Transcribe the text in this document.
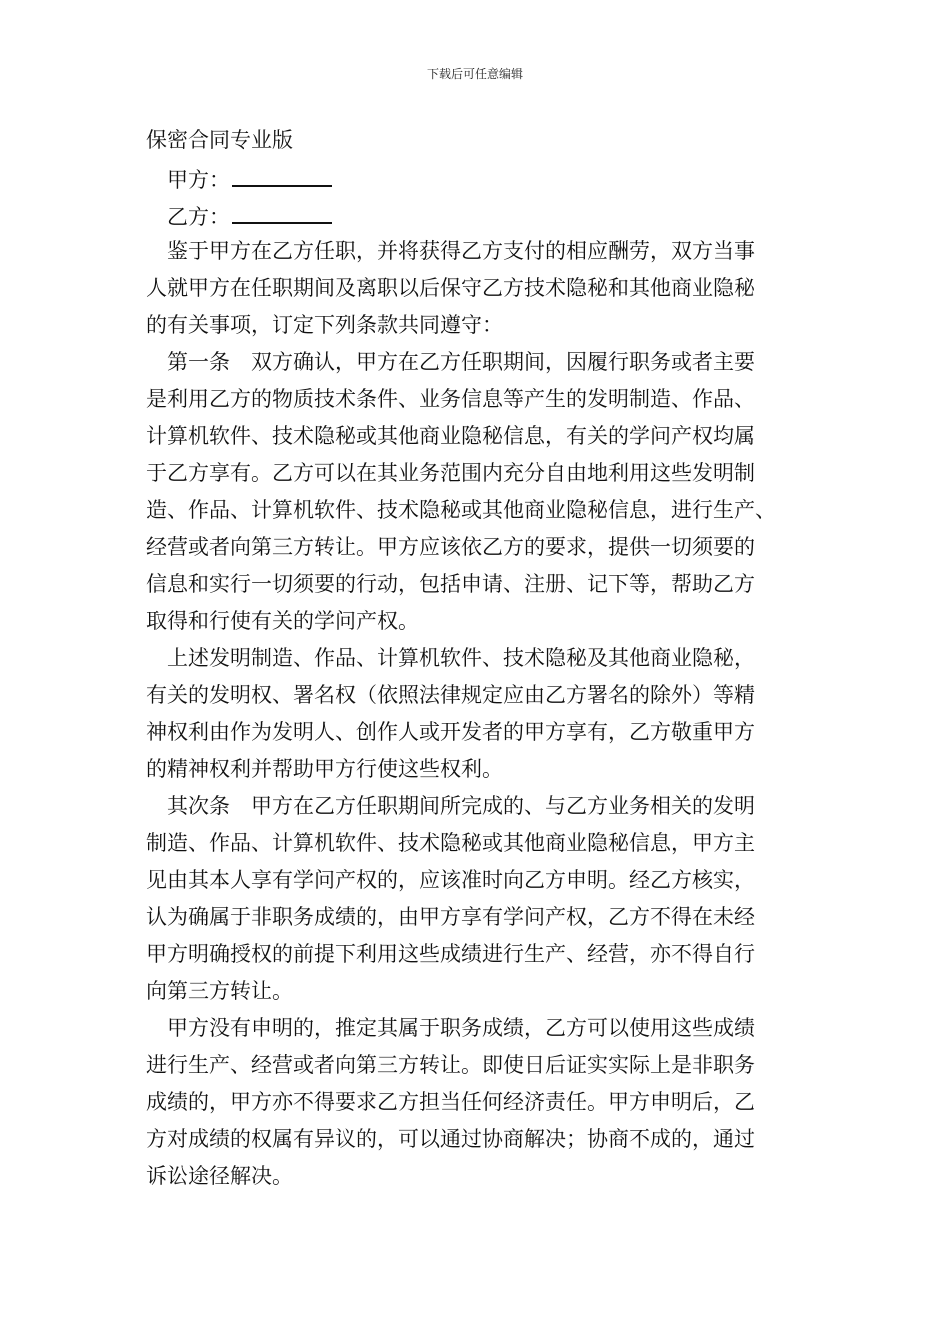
下载后可任意编辑

保密合同专业版

甲方：

乙方：

鉴于甲方在乙方任职，并将获得乙方支付的相应酬劳，双方当事

人就甲方在任职期间及离职以后保守乙方技术隐秘和其他商业隐秘

的有关事项，订定下列条款共同遵守：

第一条　双方确认，甲方在乙方任职期间，因履行职务或者主要

是利用乙方的物质技术条件、业务信息等产生的发明制造、作品、

计算机软件、技术隐秘或其他商业隐秘信息，有关的学问产权均属

于乙方享有。乙方可以在其业务范围内充分自由地利用这些发明制

造、作品、计算机软件、技术隐秘或其他商业隐秘信息，进行生产、

经营或者向第三方转让。甲方应该依乙方的要求，提供一切须要的

信息和实行一切须要的行动，包括申请、注册、记下等，帮助乙方

取得和行使有关的学问产权。

上述发明制造、作品、计算机软件、技术隐秘及其他商业隐秘，

有关的发明权、署名权（依照法律规定应由乙方署名的除外）等精

神权利由作为发明人、创作人或开发者的甲方享有，乙方敬重甲方

的精神权利并帮助甲方行使这些权利。

其次条　甲方在乙方任职期间所完成的、与乙方业务相关的发明

制造、作品、计算机软件、技术隐秘或其他商业隐秘信息，甲方主

见由其本人享有学问产权的，应该准时向乙方申明。经乙方核实，

认为确属于非职务成绩的，由甲方享有学问产权，乙方不得在未经

甲方明确授权的前提下利用这些成绩进行生产、经营，亦不得自行

向第三方转让。

甲方没有申明的，推定其属于职务成绩，乙方可以使用这些成绩

进行生产、经营或者向第三方转让。即使日后证实实际上是非职务

成绩的，甲方亦不得要求乙方担当任何经济责任。甲方申明后，乙

方对成绩的权属有异议的，可以通过协商解决；协商不成的，通过

诉讼途径解决。
